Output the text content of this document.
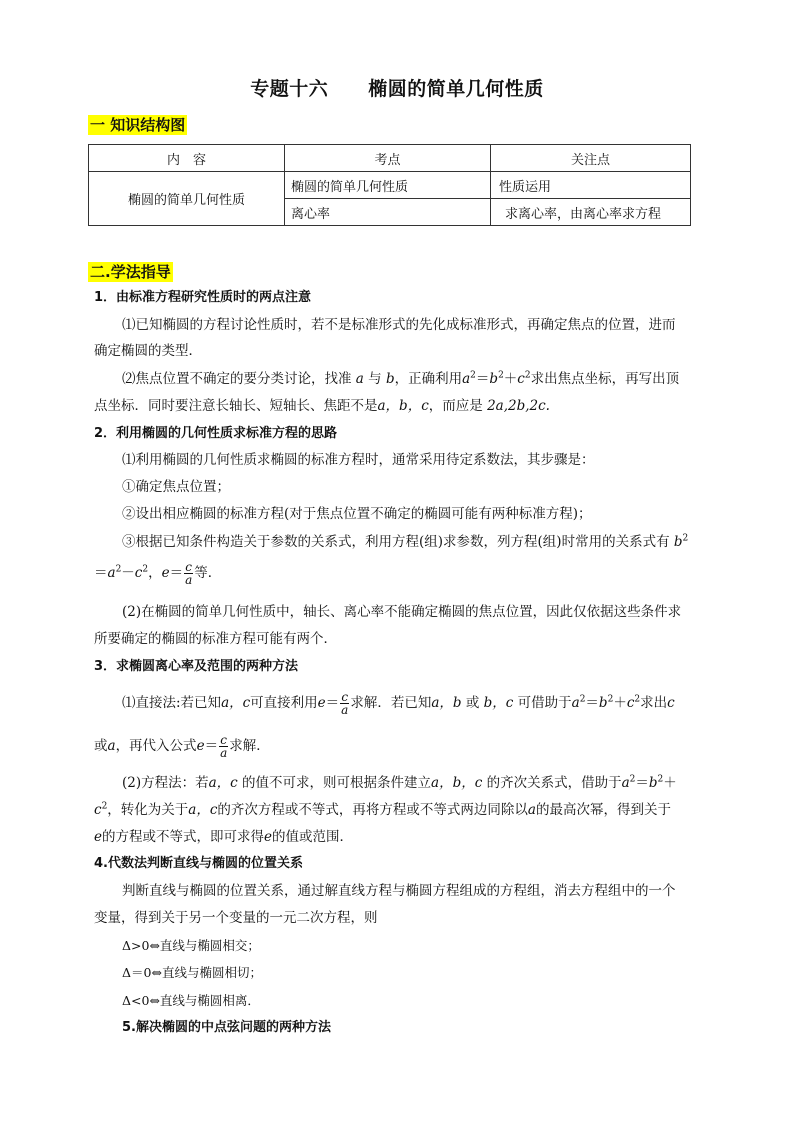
专题十六 椭圆的简单几何性质
一 知识结构图
内　容	考点	关注点
椭圆的简单几何性质	椭圆的简单几何性质	性质运用
	离心率	求离心率，由离心率求方程
二.学法指导
1．由标准方程研究性质时的两点注意
⑴已知椭圆的方程讨论性质时，若不是标准形式的先化成标准形式，再确定焦点的位置，进而
确定椭圆的类型．
⑵焦点位置不确定的要分类讨论，找准 a 与 b，正确利用$a^2=b^2+c^2$求出焦点坐标，再写出顶
点坐标．同时要注意长轴长、短轴长、焦距不是a，b，c，而应是 2a,2b,2c.
2．利用椭圆的几何性质求标准方程的思路
⑴利用椭圆的几何性质求椭圆的标准方程时，通常采用待定系数法，其步骤是：
①确定焦点位置；
②设出相应椭圆的标准方程(对于焦点位置不确定的椭圆可能有两种标准方程)；
③根据已知条件构造关于参数的关系式，利用方程(组)求参数，列方程(组)时常用的关系式有 $b^2$
$=a^2-c^2$，$e= \frac{c}{a}$ 等．
(2)在椭圆的简单几何性质中，轴长、离心率不能确定椭圆的焦点位置，因此仅依据这些条件求
所要确定的椭圆的标准方程可能有两个．
3．求椭圆离心率及范围的两种方法
⑴直接法:若已知a，c可直接利用$e= \frac{c}{a}$ 求解．若已知a，b 或 b，c 可借助于$a^2=b^2+c^2$求出c
或a，再代入公式$e= \frac{c}{a}$ 求解．
(2)方程法：若a，c 的值不可求，则可根据条件建立a，b，c 的齐次关系式，借助于$a^2=b^2+$
$c^2$，转化为关于a，c的齐次方程或不等式，再将方程或不等式两边同除以a的最高次幂，得到关于
e的方程或不等式，即可求得e的值或范围．
4.代数法判断直线与椭圆的位置关系
判断直线与椭圆的位置关系，通过解直线方程与椭圆方程组成的方程组，消去方程组中的一个
变量，得到关于另一个变量的一元二次方程，则
Δ>0⇔直线与椭圆相交；
Δ＝0⇔直线与椭圆相切；
Δ<0⇔直线与椭圆相离．
5.解决椭圆的中点弦问题的两种方法
